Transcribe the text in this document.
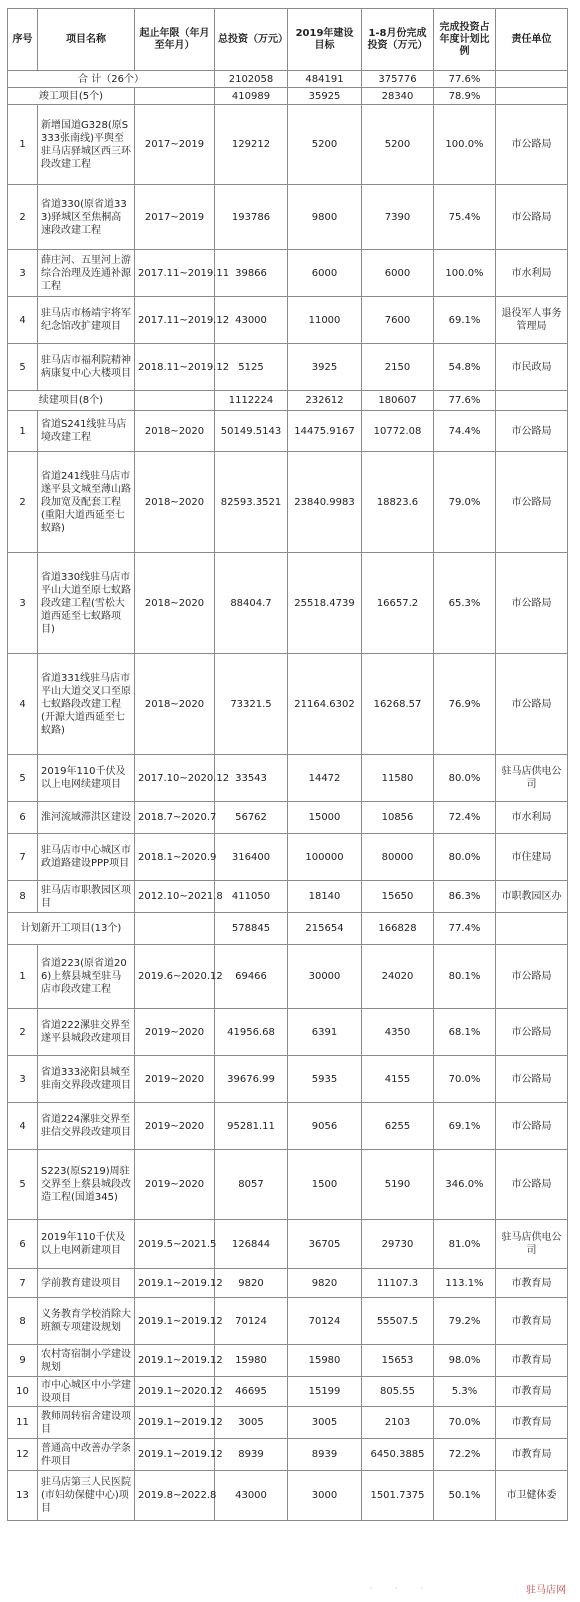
序号	项目名称	起止年限（年月至年月）	总投资（万元）	2019年建设目标	1-8月份完成投资（万元）	完成投资占年度计划比例	责任单位
合 计（26个）			2102058	484191	375776	77.6%	
竣工项目(5个)			410989	35925	28340	78.9%	
1	新增国道G328(原S333张南线)平舆至驻马店驿城区西三环段改建工程	2017~2019	129212	5200	5200	100.0%	市公路局
2	省道330(原省道333)驿城区至焦桐高速段改建工程	2017~2019	193786	9800	7390	75.4%	市公路局
3	薛庄河、五里河上游综合治理及连通补源工程	2017.11~2019.11	39866	6000	6000	100.0%	市水利局
4	驻马店市杨靖宇将军纪念馆改扩建项目	2017.11~2019.12	43000	11000	7600	69.1%	退役军人事务管理局
5	驻马店市福利院精神病康复中心大楼项目	2018.11~2019.12	5125	3925	2150	54.8%	市民政局
续建项目(8个)			1112224	232612	180607	77.6%	
1	省道S241线驻马店境改建工程	2018~2020	50149.5143	14475.9167	10772.08	74.4%	市公路局
2	省道241线驻马店市遂平县文城至薄山路段加宽及配套工程(重阳大道西延至七蚁路)	2018~2020	82593.3521	23840.9983	18823.6	79.0%	市公路局
3	省道330线驻马店市平山大道至原七蚁路段改建工程(雪松大道西延至七蚁路项目)	2018~2020	88404.7	25518.4739	16657.2	65.3%	市公路局
4	省道331线驻马店市平山大道交叉口至原七蚁路段改建工程(开源大道西延至七蚁路)	2018~2020	73321.5	21164.6302	16268.57	76.9%	市公路局
5	2019年110千伏及以上电网续建项目	2017.10~2020.12	33543	14472	11580	80.0%	驻马店供电公司
6	淮河流域滞洪区建设	2018.7~2020.7	56762	15000	10856	72.4%	市水利局
7	驻马店市中心城区市政道路建设PPP项目	2018.1~2020.9	316400	100000	80000	80.0%	市住建局
8	驻马店市职教园区项目	2012.10~2021.8	411050	18140	15650	86.3%	市职教园区办
计划新开工项目(13个)			578845	215654	166828	77.4%	
1	省道223(原省道206)上蔡县城至驻马店市段改建工程	2019.6~2020.12	69466	30000	24020	80.1%	市公路局
2	省道222漯驻交界至遂平县城段改建项目	2019~2020	41956.68	6391	4350	68.1%	市公路局
3	省道333泌阳县城至驻南交界段改建项目	2019~2020	39676.99	5935	4155	70.0%	市公路局
4	省道224漯驻交界至驻信交界段改建项目	2019~2020	95281.11	9056	6255	69.1%	市公路局
5	S223(原S219)周驻交界至上蔡县城段改造工程(国道345)	2019~2020	8057	1500	5190	346.0%	市公路局
6	2019年110千伏及以上电网新建项目	2019.5~2021.5	126844	36705	29730	81.0%	驻马店供电公司
7	学前教育建设项目	2019.1~2019.12	9820	9820	11107.3	113.1%	市教育局
8	义务教育学校消除大班额专项建设规划	2019.1~2019.12	70124	70124	55507.5	79.2%	市教育局
9	农村寄宿制小学建设规划	2019.1~2019.12	15980	15980	15653	98.0%	市教育局
10	市中心城区中小学建设项目	2019.1~2020.12	46695	15199	805.55	5.3%	市教育局
11	教师周转宿舍建设项目	2019.1~2019.12	3005	3005	2103	70.0%	市教育局
12	普通高中改善办学条件项目	2019.1~2019.12	8939	8939	6450.3885	72.2%	市教育局
13	驻马店第三人民医院(市妇幼保健中心)项目	2019.8~2022.8	43000	3000	1501.7375	50.1%	市卫健体委
· · ·	驻马店网
